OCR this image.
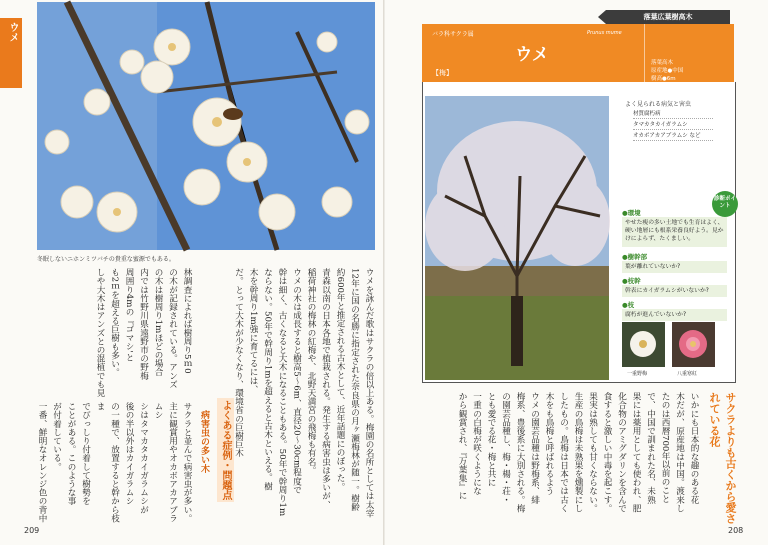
ウメ
冬眠しないニホンミツバチの貴重な蜜源でもある。
ウメを詠んだ歌はサクラの倍以上ある。梅園の名所としては太宰
12年に国の名勝に指定された奈良県の月ヶ瀬梅林が随一。樹齢
約600年と推定される古木として、近年話題にのぼった。
青森以南の日本各地で植栽される。発生する病害虫は多いが、
稲荷神社の梅林の紅梅や、北野天満宮の飛梅も有名。
ウメの木は成長すると樹高5～6m、直径20～30cm程度で
幹は細く、古くなると大木になることもある。50年で幹周り1m
ならない。50年で幹周り1mを超えると古木といえる。樹
木を幹周り1m強に育てるには、
だ。とって大木が少なくなり、環境省の巨樹巨木
林調査によれば樹周り5ｍ0
の木が記録されている。アンズ
の木は樹周り1mほどの場合
内では竹野川県遠野市の野梅
周囲り4mの『ゴマシ'と
も2ｍを超える巨樹も多い。
しや大木はアンズとの混植でも見
よくある症例・問題点
病害虫の多い木
サクラと並んで病害虫が多い。
主に観賞用やオカボアカアブラムシ
シはタマカタカイガラムシが
後の半以外はカイガラムシ
の一種で、放置すると幹から枝ま
でびっしり付着して樹勢を
ことがある。このような事
が付着している。
一番、鮮明なオレンジ色の背中
209
落葉広葉樹高木
バラ科サクラ属	Prunus mume
ウメ
【梅】
落葉高木
原産地●中国
樹高●6m
よく見られる病気と害虫
材質腐朽病
タマカタカイガラムシ
オカボアカアブラムシ など
診断ポイント
●環境
やせた瘦の多い土地でも生育はよく、硬い地層にも根系栄養良好よう。見かけによらず、たくましい。
●樹幹部
葉が離れていないか?
●枝幹
幹表にカイガラムシがいないか?
●枝
腐朽が進んでいないか?
一重野梅	八重寒紅
サクラよりも古くから愛されている花
いかにも日本的な趣のある花
木だが、原産地は中国。渡来し
たのは西暦700年以前のこと
で、中国で訓まれた名、未熟
果には薬用としても使われ、肥
化合物のアミグダリンを含んで
食すると激しい中毒を起こす。
果実は熟しても甘くならない。
生産の鳥梅は未熟果を燻製にし
したもの。鳥梅は日本では古く
木をも鳥梅と呼ばれるよう
ウメの園芸品種は野梅系、緋
梅系、豊後系に大別される。梅
の園芸品種し、梅・楊・荘・
とも愛でる花・梅と共に
一重の白梅が咲くようにな
から観賞され、『万葉集』に
208
